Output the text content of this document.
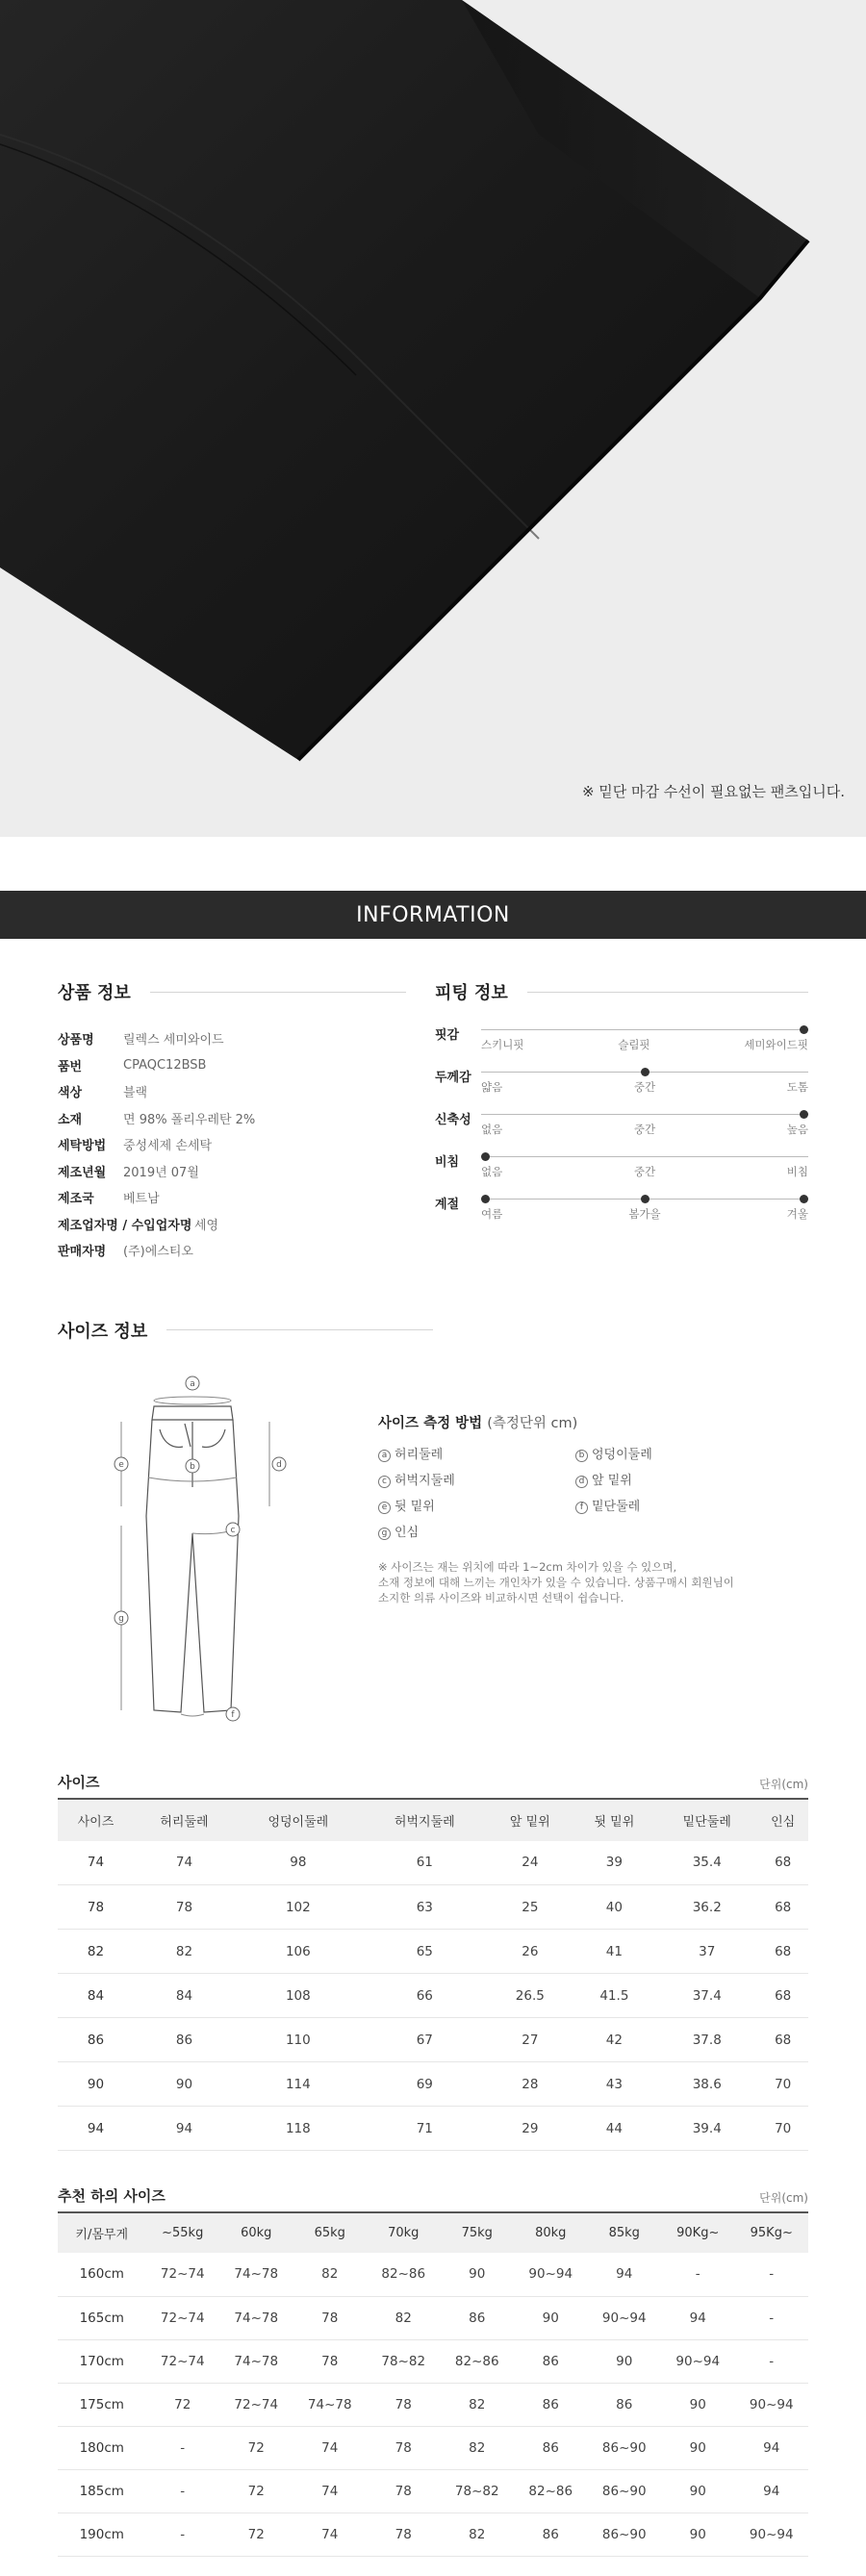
※ 밑단 마감 수선이 필요없는 팬츠입니다.
INFORMATION
상품 정보
상품명	릴렉스 세미와이드
품번	CPAQC12BSB
색상	블랙
소재	면 98% 폴리우레탄 2%
세탁방법	중성세제 손세탁
제조년월	2019년 07월
제조국	베트남
제조업자명 / 수입업자명 세영
판매자명	(주)에스티오
피팅 정보
핏감
스키니핏	슬림핏	세미와이드핏
두께감
얇음	중간	도톰
신축성
없음	중간	높음
비침
없음	중간	비침
계절
여름	봄가을	겨울
사이즈 정보
a
b
c
d
e
f
g
사이즈 측정 방법 (측정단위 cm)
a 허리둘레	b 엉덩이둘레
c 허벅지둘레	d 앞 밑위
e 뒷 밑위	f 밑단둘레
g 인심
※ 사이즈는 재는 위치에 따라 1~2cm 차이가 있을 수 있으며,
소재 정보에 대해 느끼는 개인차가 있을 수 있습니다. 상품구매시 회원님이
소지한 의류 사이즈와 비교하시면 선택이 쉽습니다.
사이즈	단위(cm)
사이즈	허리둘레	엉덩이둘레	허벅지둘레	앞 밑위	뒷 밑위	밑단둘레	인심
74	74	98	61	24	39	35.4	68
78	78	102	63	25	40	36.2	68
82	82	106	65	26	41	37	68
84	84	108	66	26.5	41.5	37.4	68
86	86	110	67	27	42	37.8	68
90	90	114	69	28	43	38.6	70
94	94	118	71	29	44	39.4	70
추천 하의 사이즈	단위(cm)
키/몸무게	~55kg	60kg	65kg	70kg	75kg	80kg	85kg	90Kg~	95Kg~
160cm	72~74	74~78	82	82~86	90	90~94	94	-	-
165cm	72~74	74~78	78	82	86	90	90~94	94	-
170cm	72~74	74~78	78	78~82	82~86	86	90	90~94	-
175cm	72	72~74	74~78	78	82	86	86	90	90~94
180cm	-	72	74	78	82	86	86~90	90	94
185cm	-	72	74	78	78~82	82~86	86~90	90	94
190cm	-	72	74	78	82	86	86~90	90	90~94
